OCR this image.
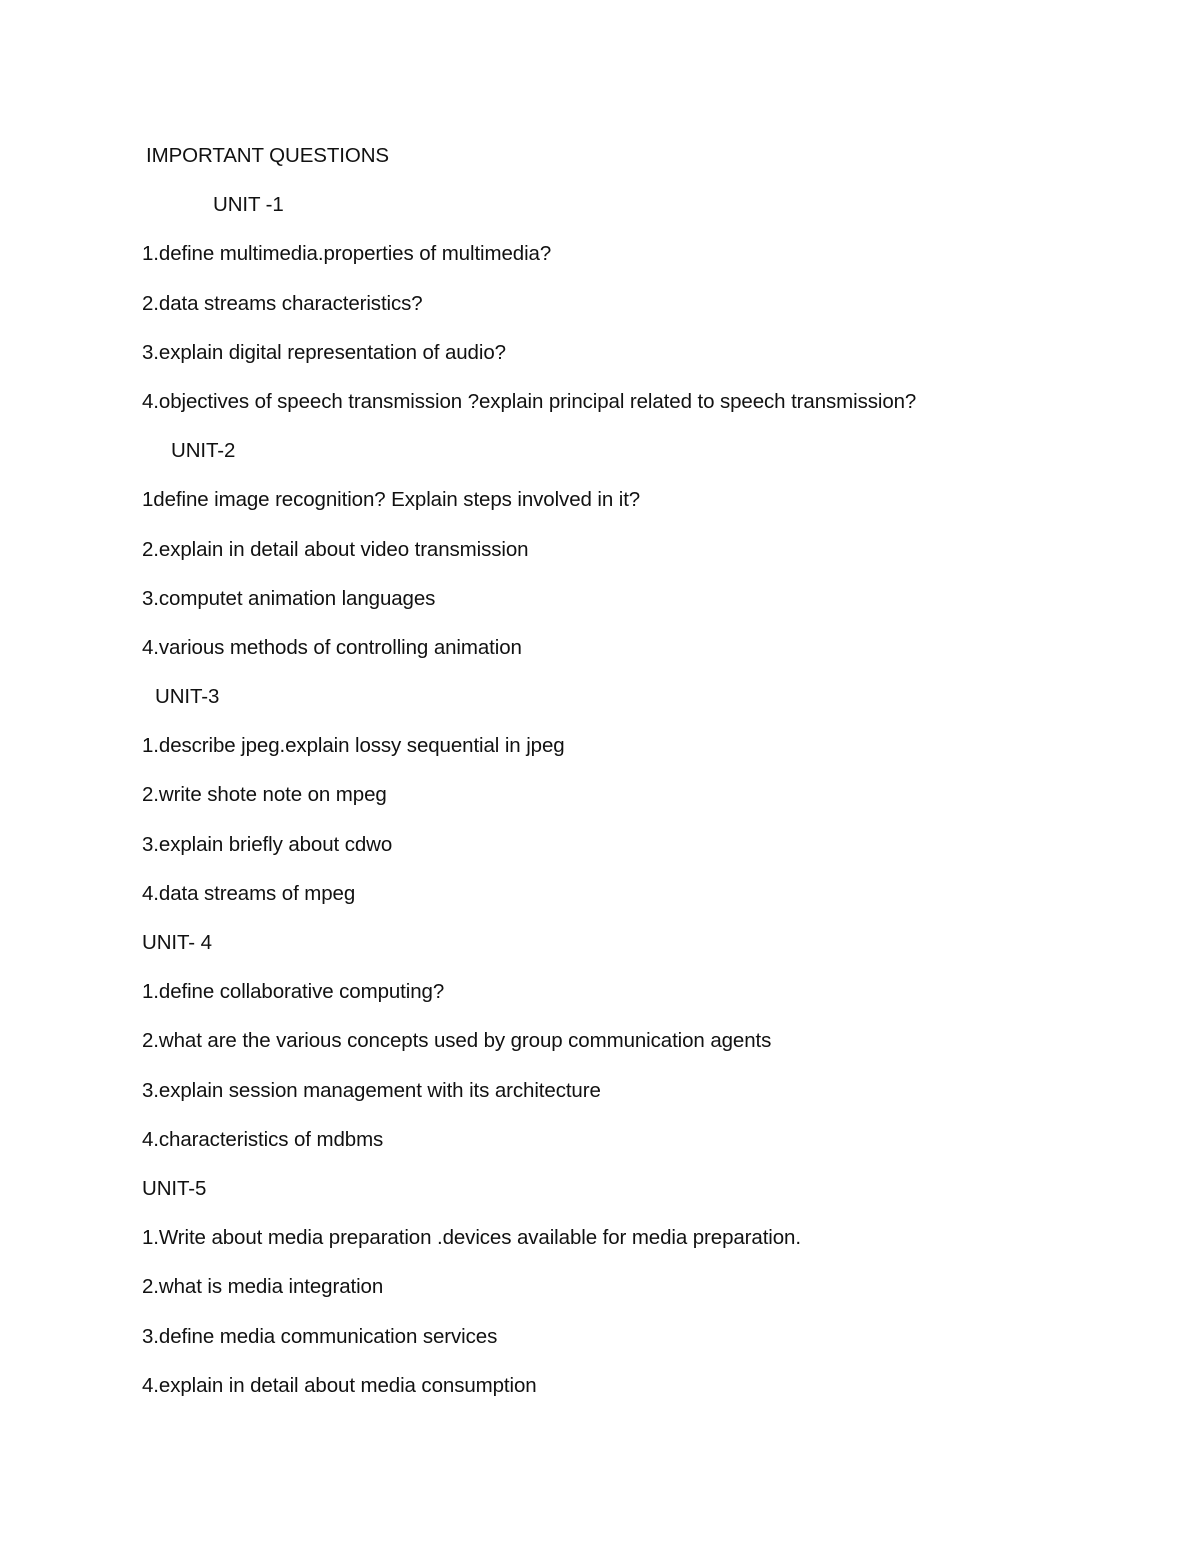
IMPORTANT QUESTIONS
UNIT -1
1.define multimedia.properties of multimedia?
2.data streams characteristics?
3.explain digital representation of audio?
4.objectives of speech transmission ?explain principal related to speech transmission?
UNIT-2
1define image recognition? Explain steps involved in it?
2.explain in detail about video transmission
3.computet animation languages
4.various methods of controlling animation
UNIT-3
1.describe jpeg.explain lossy sequential in jpeg
2.write shote note on mpeg
3.explain briefly about cdwo
4.data streams of mpeg
UNIT- 4
1.define collaborative computing?
2.what are the various concepts used by group communication agents
3.explain session management with its architecture
4.characteristics of mdbms
UNIT-5
1.Write about media preparation .devices available for media preparation.
2.what is media integration
3.define media communication services
4.explain in detail about media consumption
